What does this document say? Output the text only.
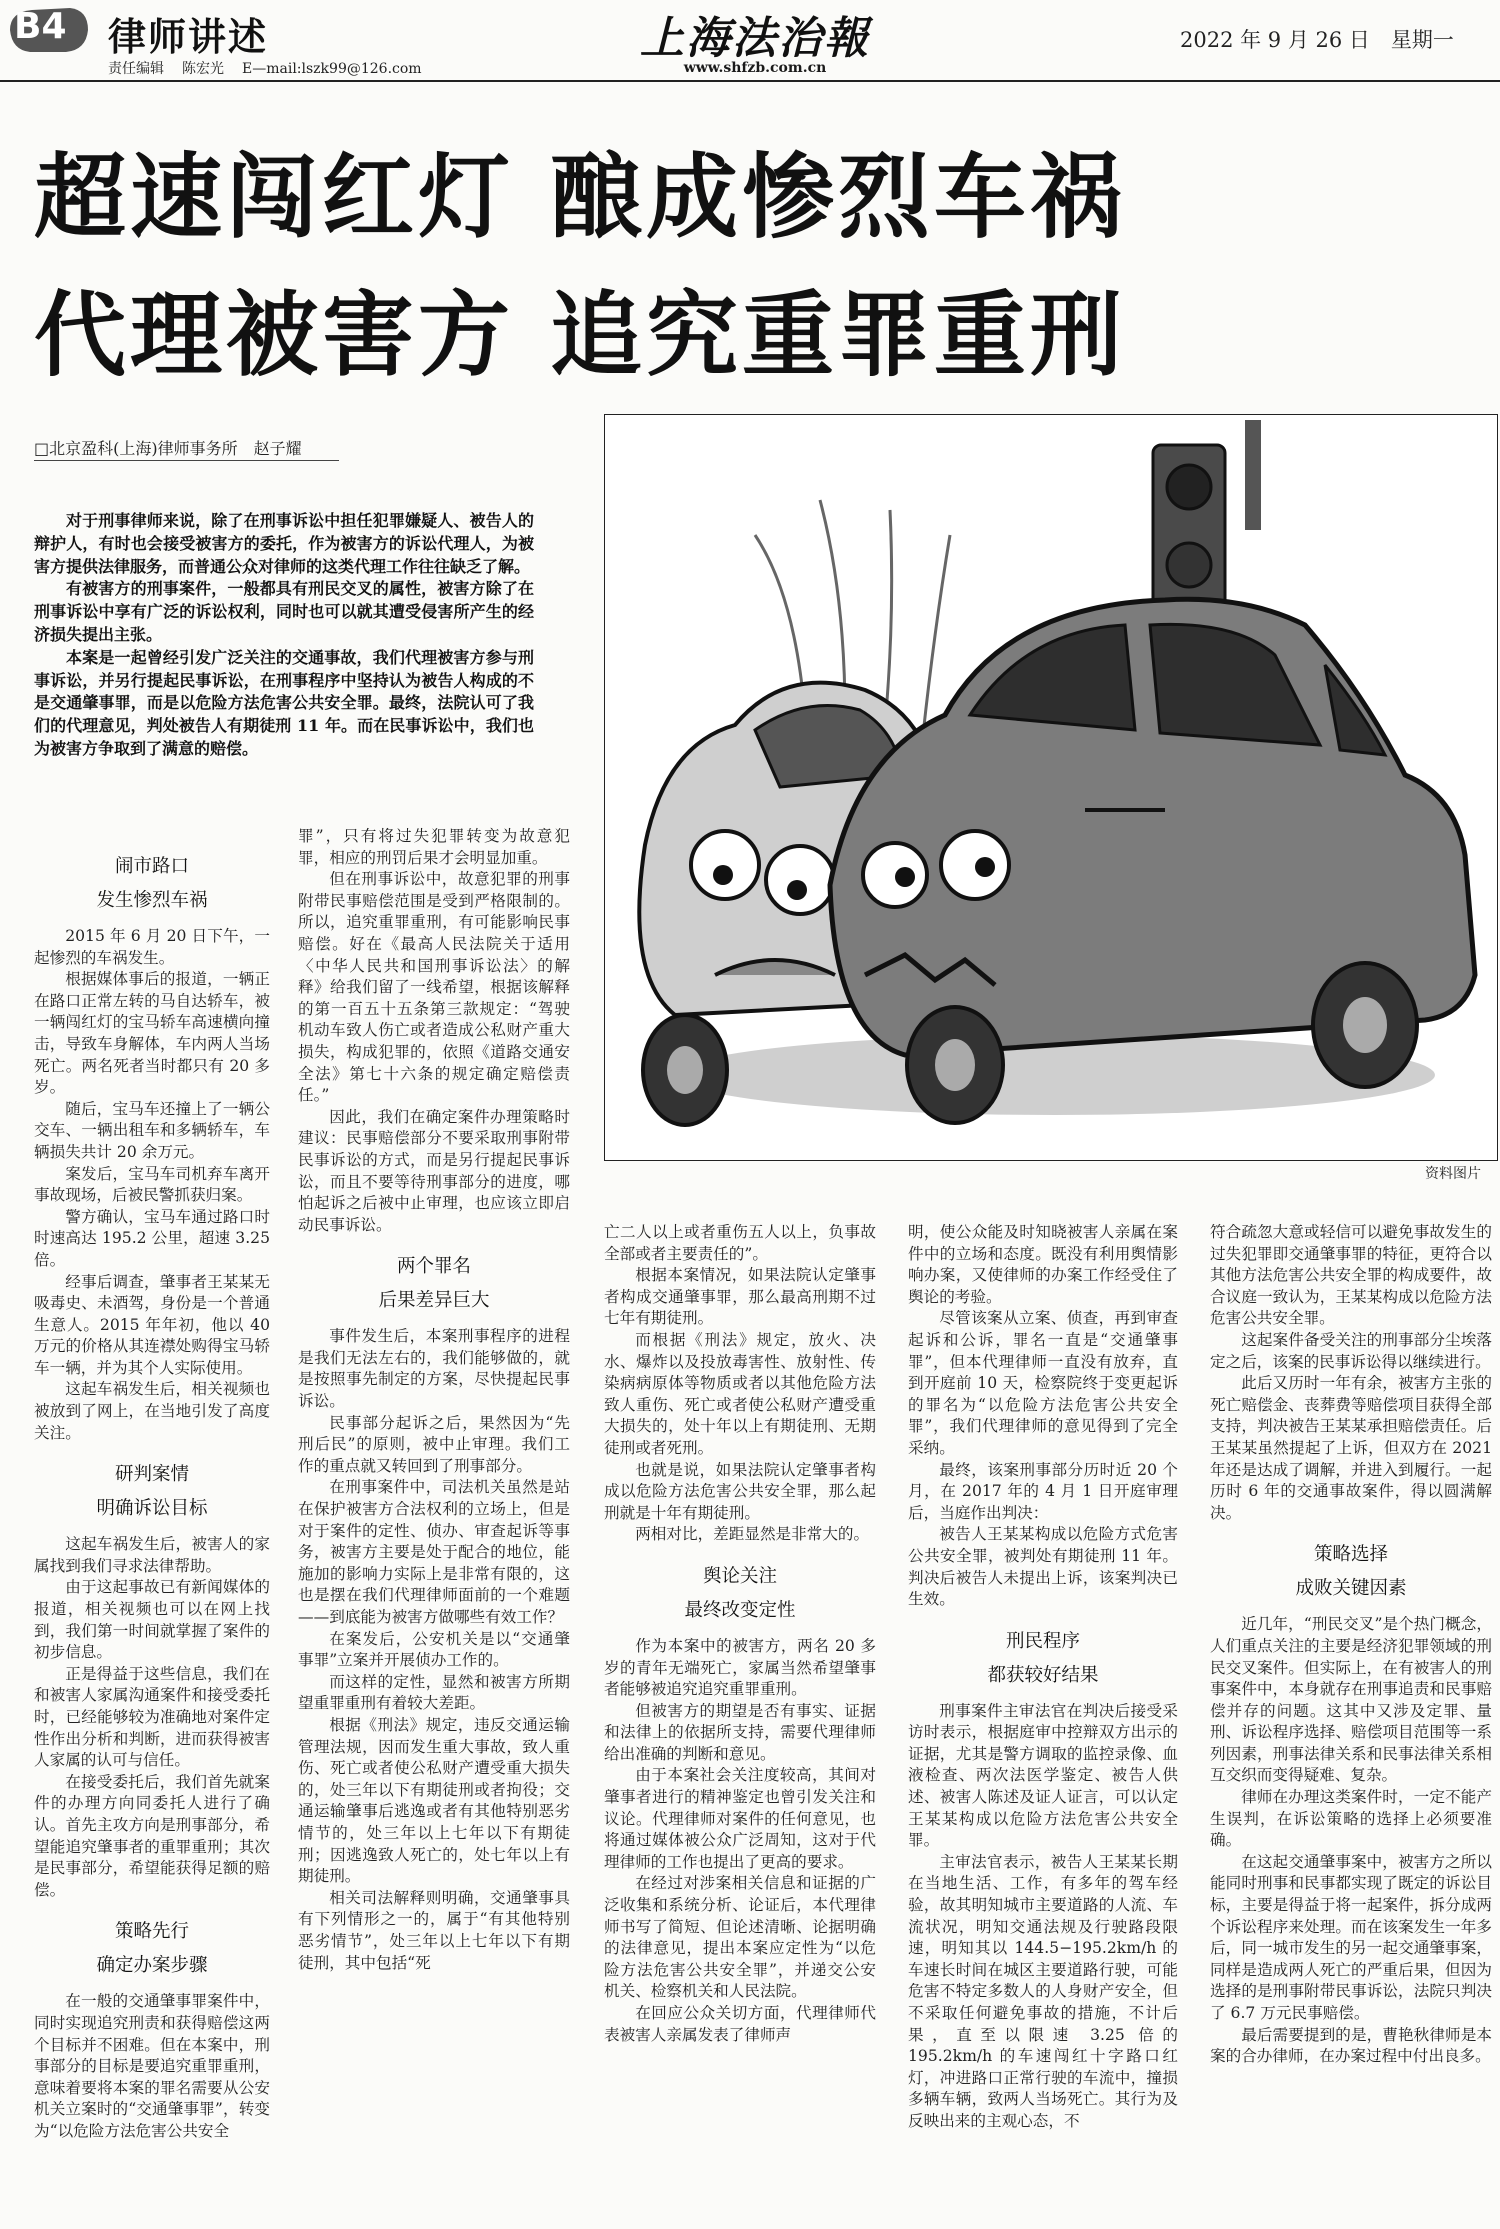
B4 律师讲述
责任编辑 陈宏光 E—mail:lszk99@126.com
上海法治報
www.shfzb.com.cn
2022 年 9 月 26 日　星期一
超速闯红灯 酿成惨烈车祸
代理被害方 追究重罪重刑
□北京盈科(上海)律师事务所　赵子耀

对于刑事律师来说，除了在刑事诉讼中担任犯罪嫌疑人、被告人的辩护人，有时也会接受被害方的委托，作为被害方的诉讼代理人，为被害方提供法律服务，而普通公众对律师的这类代理工作往往缺乏了解。

有被害方的刑事案件，一般都具有刑民交叉的属性，被害方除了在刑事诉讼中享有广泛的诉讼权利，同时也可以就其遭受侵害所产生的经济损失提出主张。

本案是一起曾经引发广泛关注的交通事故，我们代理被害方参与刑事诉讼，并另行提起民事诉讼，在刑事程序中坚持认为被告人构成的不是交通肇事罪，而是以危险方法危害公共安全罪。最终，法院认可了我们的代理意见，判处被告人有期徒刑 11 年。而在民事诉讼中，我们也为被害方争取到了满意的赔偿。

资料图片
闹市路口
发生惨烈车祸

2015 年 6 月 20 日下午，一起惨烈的车祸发生。

根据媒体事后的报道，一辆正在路口正常左转的马自达轿车，被一辆闯红灯的宝马轿车高速横向撞击，导致车身解体，车内两人当场死亡。两名死者当时都只有 20 多岁。

随后，宝马车还撞上了一辆公交车、一辆出租车和多辆轿车，车辆损失共计 20 余万元。

案发后，宝马车司机弃车离开事故现场，后被民警抓获归案。

警方确认，宝马车通过路口时时速高达 195.2 公里，超速 3.25 倍。

经事后调查，肇事者王某某无吸毒史、未酒驾，身份是一个普通生意人。2015 年年初，他以 40 万元的价格从其连襟处购得宝马轿车一辆，并为其个人实际使用。

这起车祸发生后，相关视频也被放到了网上，在当地引发了高度关注。

研判案情
明确诉讼目标

这起车祸发生后，被害人的家属找到我们寻求法律帮助。

由于这起事故已有新闻媒体的报道，相关视频也可以在网上找到，我们第一时间就掌握了案件的初步信息。

正是得益于这些信息，我们在和被害人家属沟通案件和接受委托时，已经能够较为准确地对案件定性作出分析和判断，进而获得被害人家属的认可与信任。

在接受委托后，我们首先就案件的办理方向同委托人进行了确认。首先主攻方向是刑事部分，希望能追究肇事者的重罪重刑；其次是民事部分，希望能获得足额的赔偿。

策略先行
确定办案步骤

在一般的交通肇事罪案件中，同时实现追究刑责和获得赔偿这两个目标并不困难。但在本案中，刑事部分的目标是要追究重罪重刑，意味着要将本案的罪名需要从公安机关立案时的“交通肇事罪”，转变为“以危险方法危害公共安全

罪”，只有将过失犯罪转变为故意犯罪，相应的刑罚后果才会明显加重。

但在刑事诉讼中，故意犯罪的刑事附带民事赔偿范围是受到严格限制的。所以，追究重罪重刑，有可能影响民事赔偿。好在《最高人民法院关于适用〈中华人民共和国刑事诉讼法〉的解释》给我们留了一线希望，根据该解释的第一百五十五条第三款规定：“驾驶机动车致人伤亡或者造成公私财产重大损失，构成犯罪的，依照《道路交通安全法》第七十六条的规定确定赔偿责任。”

因此，我们在确定案件办理策略时建议：民事赔偿部分不要采取刑事附带民事诉讼的方式，而是另行提起民事诉讼，而且不要等待刑事部分的进度，哪怕起诉之后被中止审理，也应该立即启动民事诉讼。

两个罪名
后果差异巨大

事件发生后，本案刑事程序的进程是我们无法左右的，我们能够做的，就是按照事先制定的方案，尽快提起民事诉讼。

民事部分起诉之后，果然因为“先刑后民”的原则，被中止审理。我们工作的重点就又转回到了刑事部分。

在刑事案件中，司法机关虽然是站在保护被害方合法权利的立场上，但是对于案件的定性、侦办、审查起诉等事务，被害方主要是处于配合的地位，能施加的影响力实际上是非常有限的，这也是摆在我们代理律师面前的一个难题——到底能为被害方做哪些有效工作？

在案发后，公安机关是以“交通肇事罪”立案并开展侦办工作的。

而这样的定性，显然和被害方所期望重罪重刑有着较大差距。

根据《刑法》规定，违反交通运输管理法规，因而发生重大事故，致人重伤、死亡或者使公私财产遭受重大损失的，处三年以下有期徒刑或者拘役；交通运输肇事后逃逸或者有其他特别恶劣情节的，处三年以上七年以下有期徒刑；因逃逸致人死亡的，处七年以上有期徒刑。

相关司法解释则明确，交通肇事具有下列情形之一的，属于“有其他特别恶劣情节”，处三年以上七年以下有期徒刑，其中包括“死

亡二人以上或者重伤五人以上，负事故全部或者主要责任的”。

根据本案情况，如果法院认定肇事者构成交通肇事罪，那么最高刑期不过七年有期徒刑。

而根据《刑法》规定，放火、决水、爆炸以及投放毒害性、放射性、传染病病原体等物质或者以其他危险方法致人重伤、死亡或者使公私财产遭受重大损失的，处十年以上有期徒刑、无期徒刑或者死刑。

也就是说，如果法院认定肇事者构成以危险方法危害公共安全罪，那么起刑就是十年有期徒刑。

两相对比，差距显然是非常大的。

舆论关注
最终改变定性

作为本案中的被害方，两名 20 多岁的青年无端死亡，家属当然希望肇事者能够被追究追究重罪重刑。

但被害方的期望是否有事实、证据和法律上的依据所支持，需要代理律师给出准确的判断和意见。

由于本案社会关注度较高，其间对肇事者进行的精神鉴定也曾引发关注和议论。代理律师对案件的任何意见，也将通过媒体被公众广泛周知，这对于代理律师的工作也提出了更高的要求。

在经过对涉案相关信息和证据的广泛收集和系统分析、论证后，本代理律师书写了简短、但论述清晰、论据明确的法律意见，提出本案应定性为“以危险方法危害公共安全罪”，并递交公安机关、检察机关和人民法院。

在回应公众关切方面，代理律师代表被害人亲属发表了律师声

明，使公众能及时知晓被害人亲属在案件中的立场和态度。既没有利用舆情影响办案，又使律师的办案工作经受住了舆论的考验。

尽管该案从立案、侦查，再到审查起诉和公诉，罪名一直是“交通肇事罪”，但本代理律师一直没有放弃，直到开庭前 10 天，检察院终于变更起诉的罪名为“以危险方法危害公共安全罪”，我们代理律师的意见得到了完全采纳。

最终，该案刑事部分历时近 20 个月，在 2017 年的 4 月 1 日开庭审理后，当庭作出判决：

被告人王某某构成以危险方式危害公共安全罪，被判处有期徒刑 11 年。判决后被告人未提出上诉，该案判决已生效。

刑民程序
都获较好结果

刑事案件主审法官在判决后接受采访时表示，根据庭审中控辩双方出示的证据，尤其是警方调取的监控录像、血液检查、两次法医学鉴定、被告人供述、被害人陈述及证人证言，可以认定王某某构成以危险方法危害公共安全罪。

主审法官表示，被告人王某某长期在当地生活、工作，有多年的驾车经验，故其明知城市主要道路的人流、车流状况，明知交通法规及行驶路段限速，明知其以 144.5−195.2km/h 的车速长时间在城区主要道路行驶，可能危害不特定多数人的人身财产安全，但不采取任何避免事故的措施，不计后果，直至以限速 3.25 倍的 195.2km/h 的车速闯红十字路口红灯，冲进路口正常行驶的车流中，撞损多辆车辆，致两人当场死亡。其行为及反映出来的主观心态，不

符合疏忽大意或轻信可以避免事故发生的过失犯罪即交通肇事罪的特征，更符合以其他方法危害公共安全罪的构成要件，故合议庭一致认为，王某某构成以危险方法危害公共安全罪。

这起案件备受关注的刑事部分尘埃落定之后，该案的民事诉讼得以继续进行。

此后又历时一年有余，被害方主张的死亡赔偿金、丧葬费等赔偿项目获得全部支持，判决被告王某某承担赔偿责任。后王某某虽然提起了上诉，但双方在 2021 年还是达成了调解，并进入到履行。一起历时 6 年的交通事故案件，得以圆满解决。

策略选择
成败关键因素

近几年，“刑民交叉”是个热门概念，人们重点关注的主要是经济犯罪领域的刑民交叉案件。但实际上，在有被害人的刑事案件中，本身就存在刑事追责和民事赔偿并存的问题。这其中又涉及定罪、量刑、诉讼程序选择、赔偿项目范围等一系列因素，刑事法律关系和民事法律关系相互交织而变得疑难、复杂。

律师在办理这类案件时，一定不能产生误判，在诉讼策略的选择上必须要准确。

在这起交通肇事案中，被害方之所以能同时刑事和民事都实现了既定的诉讼目标，主要是得益于将一起案件，拆分成两个诉讼程序来处理。而在该案发生一年多后，同一城市发生的另一起交通肇事案，同样是造成两人死亡的严重后果，但因为选择的是刑事附带民事诉讼，法院只判决了 6.7 万元民事赔偿。

最后需要提到的是，曹艳秋律师是本案的合办律师，在办案过程中付出良多。
